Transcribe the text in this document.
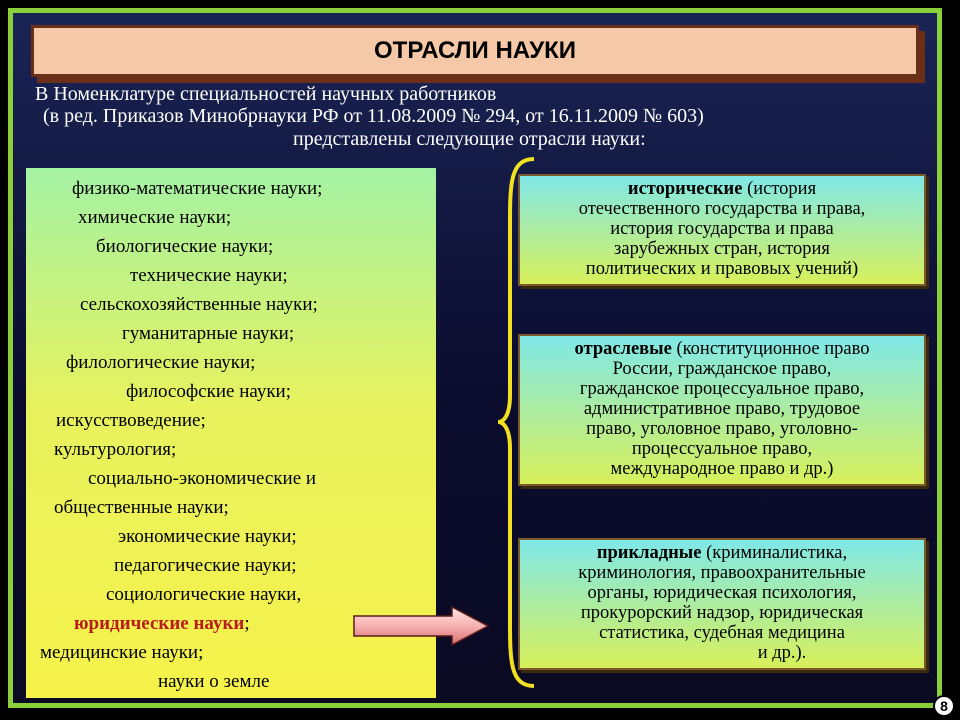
ОТРАСЛИ НАУКИ
В Номенклатуре специальностей научных работников
(в ред. Приказов Минобрнауки РФ от 11.08.2009 № 294, от 16.11.2009 № 603)
представлены следующие отрасли науки:
физико-математические науки;
химические науки;
биологические науки;
технические науки;
сельскохозяйственные науки;
гуманитарные науки;
филологические науки;
философские науки;
искусствоведение;
культурология;
социально-экономические и
общественные науки;
экономические науки;
педагогические науки;
социологические науки,
юридические науки;
медицинские науки;
науки о земле
исторические (история
отечественного государства и права,
история государства и права
зарубежных стран, история
политических и правовых учений)
отраслевые (конституционное право
России, гражданское право,
гражданское процессуальное право,
административное право, трудовое
право, уголовное право, уголовно-
процессуальное право,
международное право и др.)
прикладные (криминалистика,
криминология, правоохранительные
органы, юридическая психология,
прокурорский надзор, юридическая
статистика, судебная медицина
и др.).
8
